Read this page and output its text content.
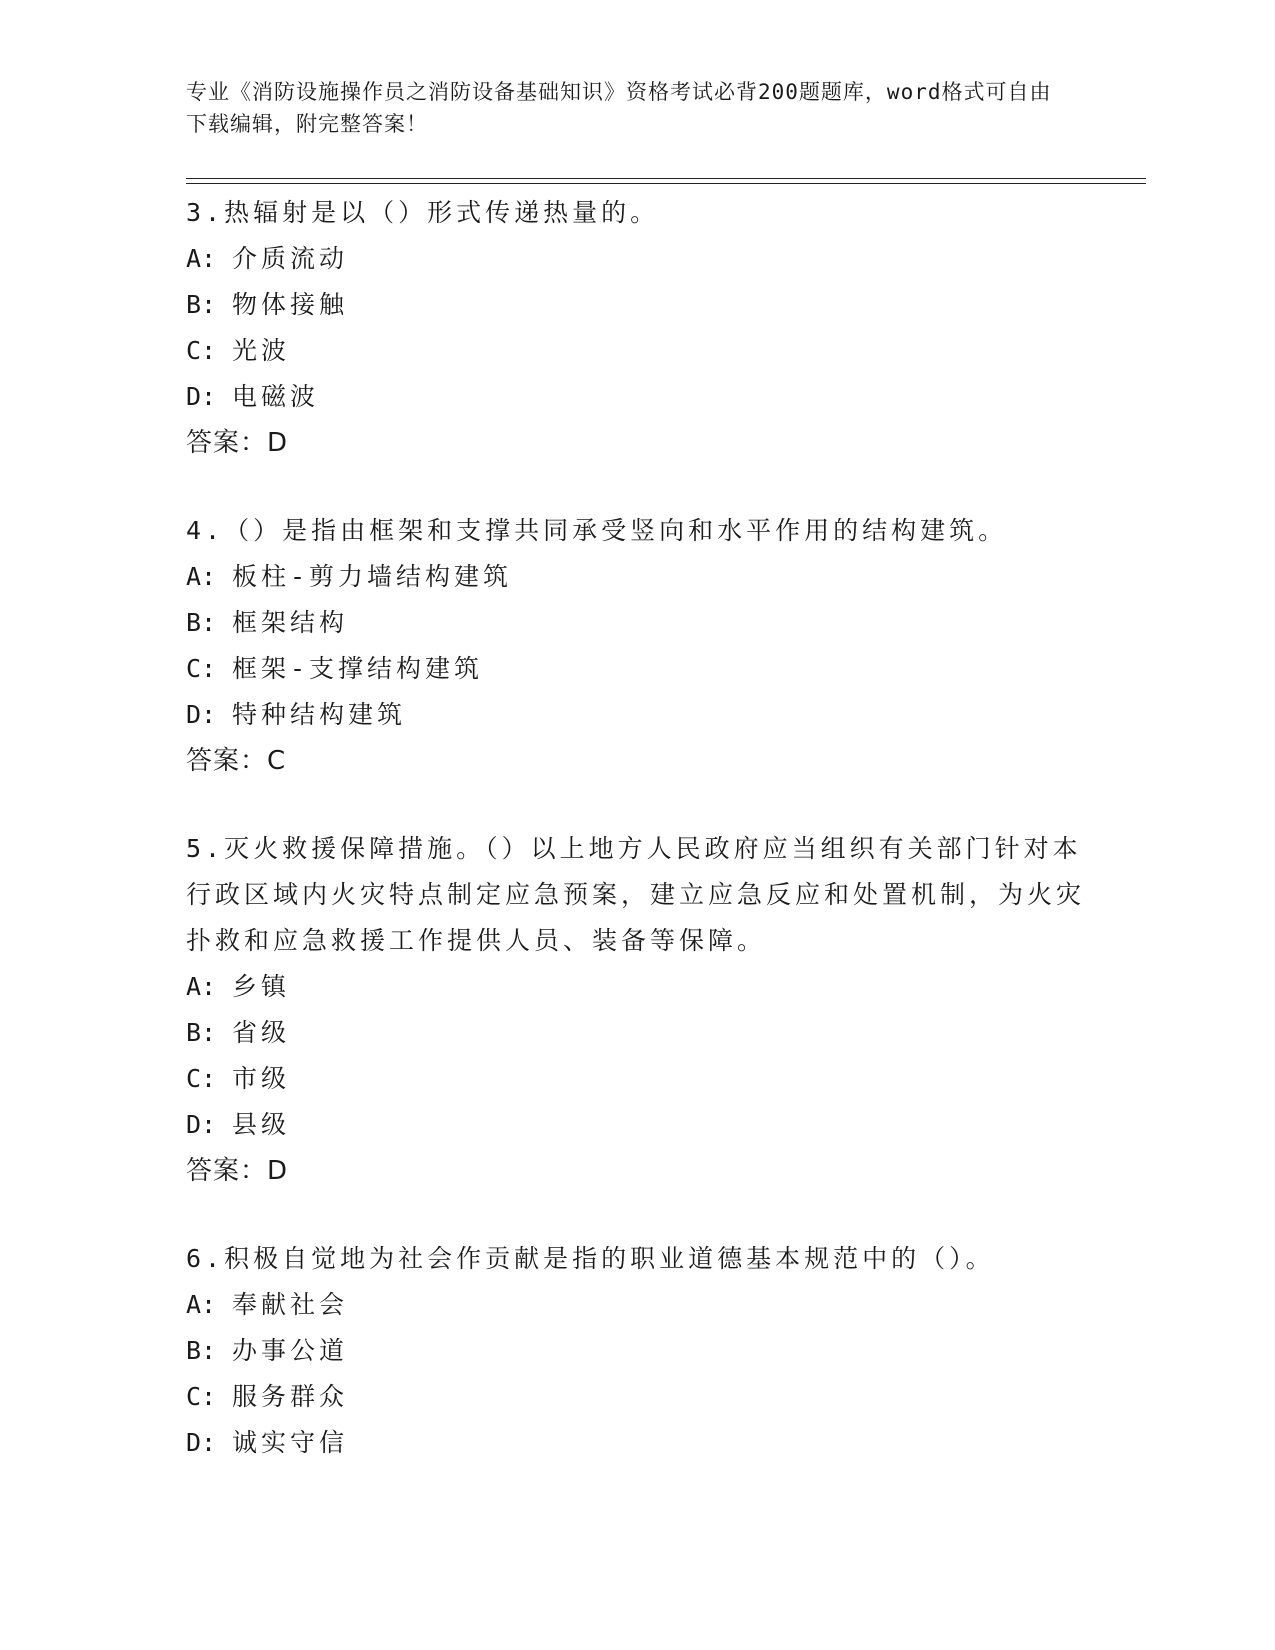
专业《消防设施操作员之消防设备基础知识》资格考试必背200题题库，word格式可自由下载编辑，附完整答案！

3.热辐射是以（）形式传递热量的。

A: 介质流动

B: 物体接触

C: 光波

D: 电磁波

答案：D

4.（）是指由框架和支撑共同承受竖向和水平作用的结构建筑。

A: 板柱-剪力墙结构建筑

B: 框架结构

C: 框架-支撑结构建筑

D: 特种结构建筑

答案：C

5.灭火救援保障措施。（）以上地方人民政府应当组织有关部门针对本行政区域内火灾特点制定应急预案，建立应急反应和处置机制，为火灾扑救和应急救援工作提供人员、装备等保障。

A: 乡镇

B: 省级

C: 市级

D: 县级

答案：D

6.积极自觉地为社会作贡献是指的职业道德基本规范中的（）。

A: 奉献社会

B: 办事公道

C: 服务群众

D: 诚实守信
